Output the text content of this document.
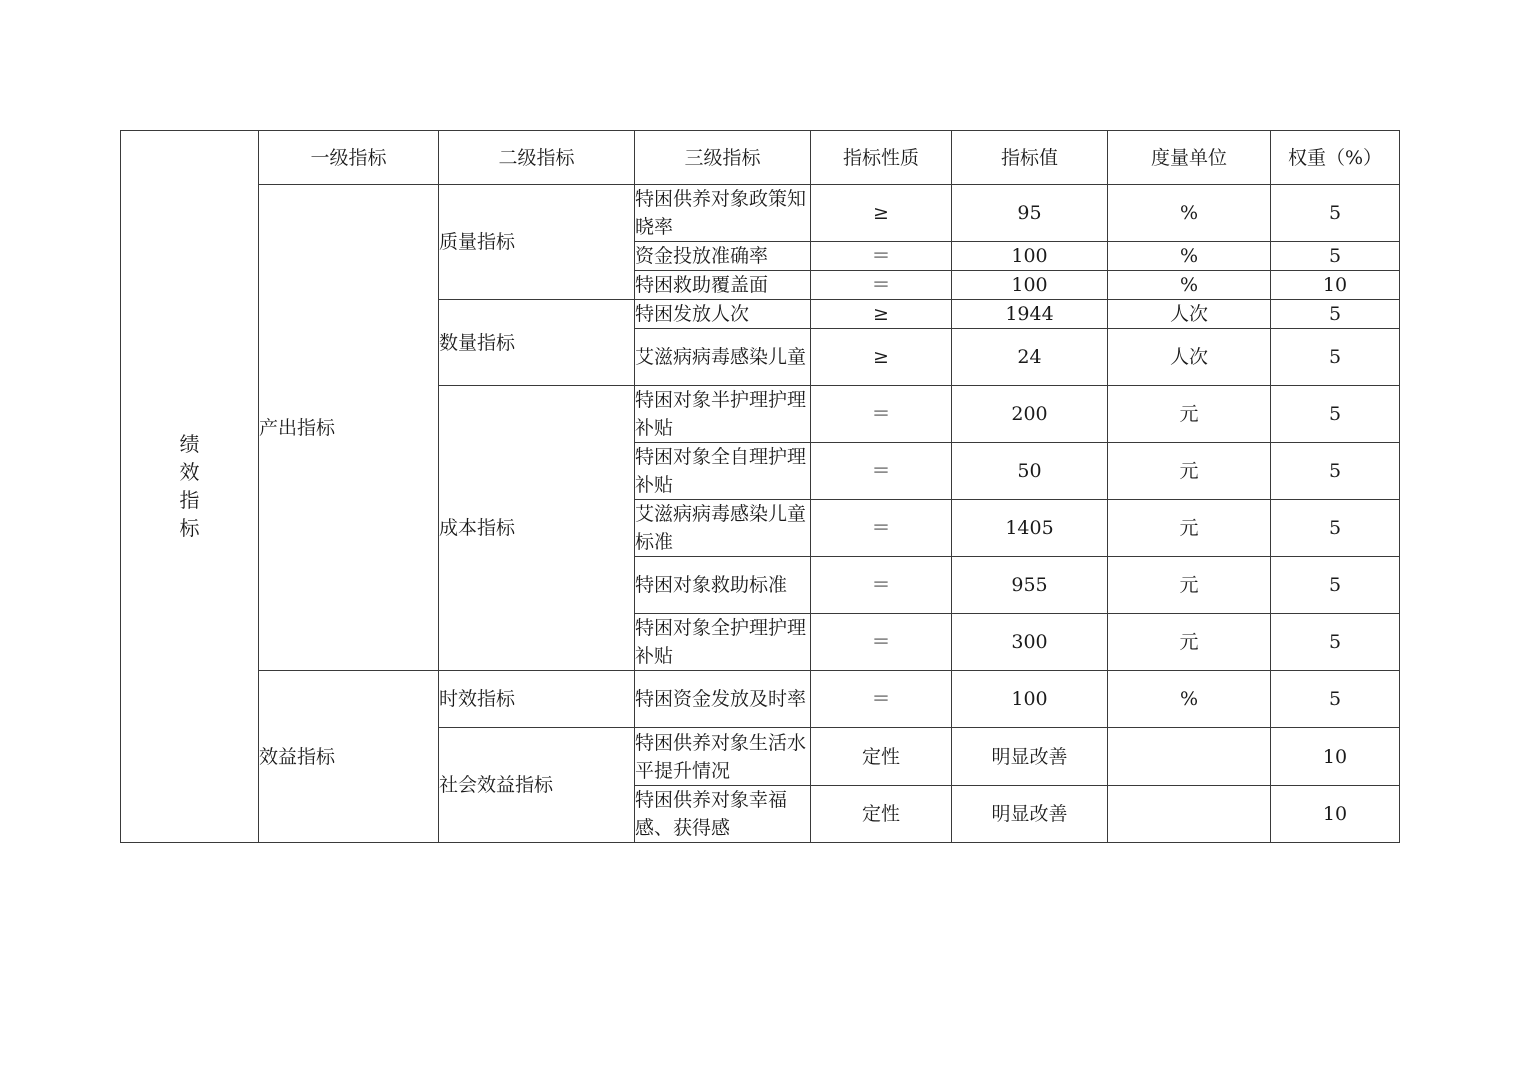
绩效指标	一级指标	二级指标	三级指标	指标性质	指标值	度量单位	权重（%）
	产出指标	质量指标	特困供养对象政策知晓率	≥	95	%	5
			资金投放准确率	＝	100	%	5
			特困救助覆盖面	＝	100	%	10
		数量指标	特困发放人次	≥	1944	人次	5
			艾滋病病毒感染儿童	≥	24	人次	5
		成本指标	特困对象半护理护理补贴	＝	200	元	5
			特困对象全自理护理补贴	＝	50	元	5
			艾滋病病毒感染儿童标准	＝	1405	元	5
			特困对象救助标准	＝	955	元	5
			特困对象全护理护理补贴	＝	300	元	5
	效益指标	时效指标	特困资金发放及时率	＝	100	%	5
		社会效益指标	特困供养对象生活水平提升情况	定性	明显改善		10
			特困供养对象幸福感、获得感	定性	明显改善		10
